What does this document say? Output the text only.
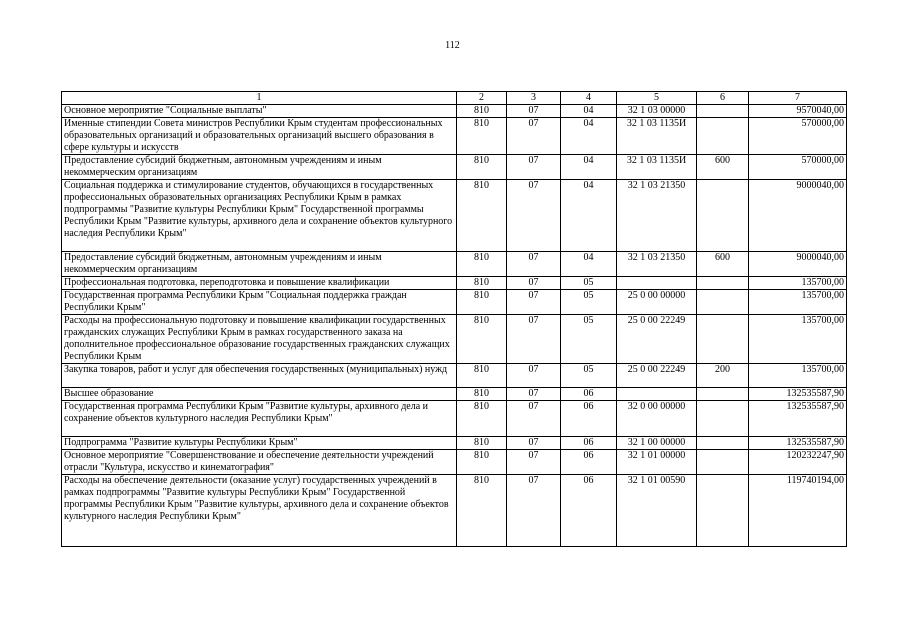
112
1	2	3	4	5	6	7
Основное мероприятие "Социальные выплаты"	810	07	04	32 1 03 00000		9570040,00
Именные стипендии Совета министров Республики Крым студентам профессиональных образовательных организаций и образовательных организаций высшего образования в сфере культуры и искусств	810	07	04	32 1 03 1135И		570000,00
Предоставление субсидий бюджетным, автономным учреждениям и иным некоммерческим организациям	810	07	04	32 1 03 1135И	600	570000,00
Социальная поддержка и стимулирование студентов, обучающихся в государственных профессиональных образовательных организациях Республики Крым в рамках подпрограммы "Развитие культуры Республики Крым" Государственной программы Республики Крым "Развитие культуры, архивного дела и сохранение объектов культурного наследия Республики Крым"	810	07	04	32 1 03 21350		9000040,00
Предоставление субсидий бюджетным, автономным учреждениям и иным некоммерческим организациям	810	07	04	32 1 03 21350	600	9000040,00
Профессиональная подготовка, переподготовка и повышение квалификации	810	07	05			135700,00
Государственная программа Республики Крым "Социальная поддержка граждан Республики Крым"	810	07	05	25 0 00 00000		135700,00
Расходы на профессиональную подготовку и повышение квалификации государственных гражданских служащих Республики Крым в рамках государственного заказа на дополнительное профессиональное образование государственных гражданских служащих Республики Крым	810	07	05	25 0 00 22249		135700,00
Закупка товаров, работ и услуг для обеспечения государственных (муниципальных) нужд	810	07	05	25 0 00 22249	200	135700,00
Высшее образование	810	07	06			132535587,90
Государственная программа Республики Крым "Развитие культуры, архивного дела и сохранение объектов культурного наследия Республики Крым"	810	07	06	32 0 00 00000		132535587,90
Подпрограмма "Развитие культуры Республики Крым"	810	07	06	32 1 00 00000		132535587,90
Основное мероприятие "Совершенствование и обеспечение деятельности учреждений отрасли "Культура, искусство и кинематография"	810	07	06	32 1 01 00000		120232247,90
Расходы на обеспечение деятельности (оказание услуг) государственных учреждений в рамках подпрограммы "Развитие культуры Республики Крым" Государственной программы Республики Крым "Развитие культуры, архивного дела и сохранение объектов культурного наследия Республики Крым"	810	07	06	32 1 01 00590		119740194,00
